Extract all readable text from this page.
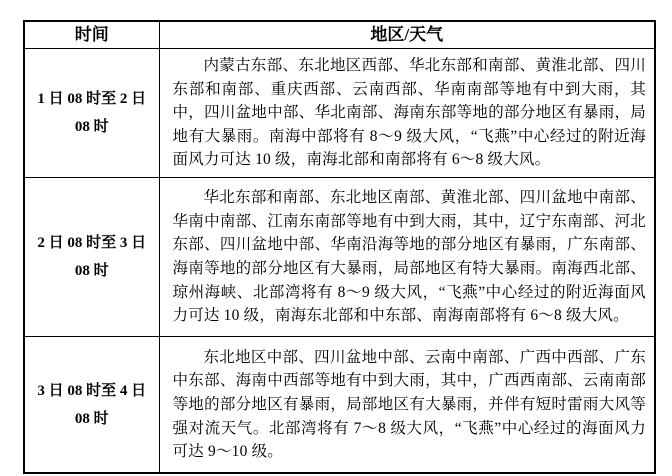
时间	地区/天气

1 日 08 时至 2 日
08 时	内蒙古东部、东北地区西部、华北东部和南部、黄淮北部、四川东部和南部、重庆西部、云南西部、华南南部等地有中到大雨，其中，四川盆地中部、华北南部、海南东部等地的部分地区有暴雨，局地有大暴雨。南海中部将有 8～9 级大风，“飞燕”中心经过的附近海面风力可达 10 级，南海北部和南部将有 6～8 级大风。

2 日 08 时至 3 日
08 时	华北东部和南部、东北地区南部、黄淮北部、四川盆地中南部、华南中南部、江南东南部等地有中到大雨，其中，辽宁东南部、河北东部、四川盆地中部、华南沿海等地的部分地区有暴雨，广东南部、海南等地的部分地区有大暴雨，局部地区有特大暴雨。南海西北部、琼州海峡、北部湾将有 8～9 级大风，“飞燕”中心经过的附近海面风力可达 10 级，南海东北部和中东部、南海南部将有 6～8 级大风。

3 日 08 时至 4 日
08 时	东北地区中部、四川盆地中部、云南中南部、广西中西部、广东中东部、海南中西部等地有中到大雨，其中，广西西南部、云南南部等地的部分地区有暴雨，局部地区有大暴雨，并伴有短时雷雨大风等强对流天气。北部湾将有 7～8 级大风，“飞燕”中心经过的海面风力可达 9～10 级。
